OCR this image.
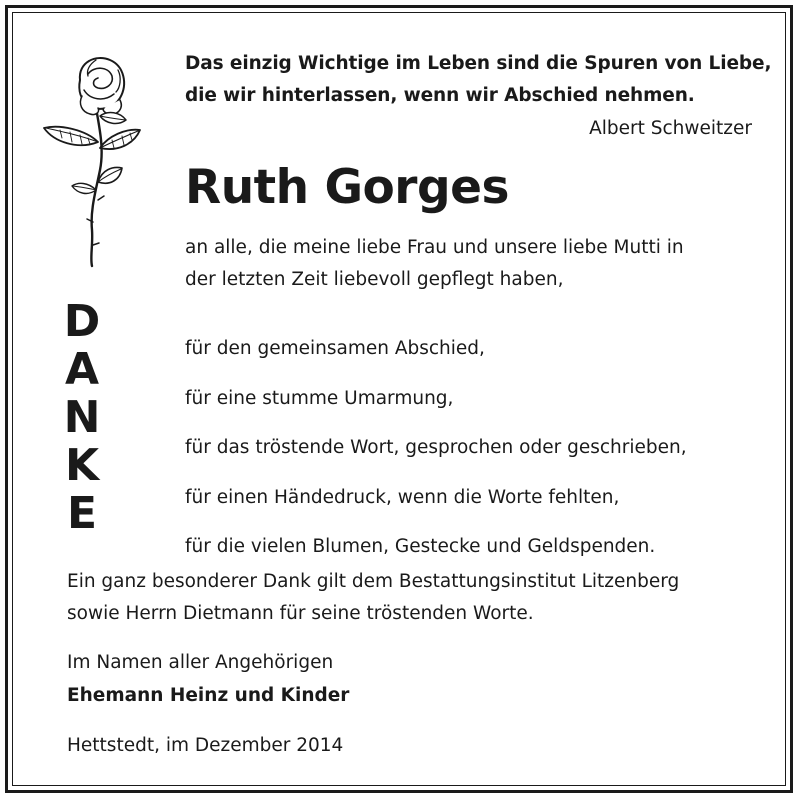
Das einzig Wichtige im Leben sind die Spuren von Liebe,
die wir hinterlassen, wenn wir Abschied nehmen.
Albert Schweitzer
Ruth Gorges
D
A
N
K
E
an alle, die meine liebe Frau und unsere liebe Mutti in
der letzten Zeit liebevoll gepflegt haben,
für den gemeinsamen Abschied,
für eine stumme Umarmung,
für das tröstende Wort, gesprochen oder geschrieben,
für einen Händedruck, wenn die Worte fehlten,
für die vielen Blumen, Gestecke und Geldspenden.
Ein ganz besonderer Dank gilt dem Bestattungsinstitut Litzenberg
sowie Herrn Dietmann für seine tröstenden Worte.
Im Namen aller Angehörigen
Ehemann Heinz und Kinder
Hettstedt, im Dezember 2014
